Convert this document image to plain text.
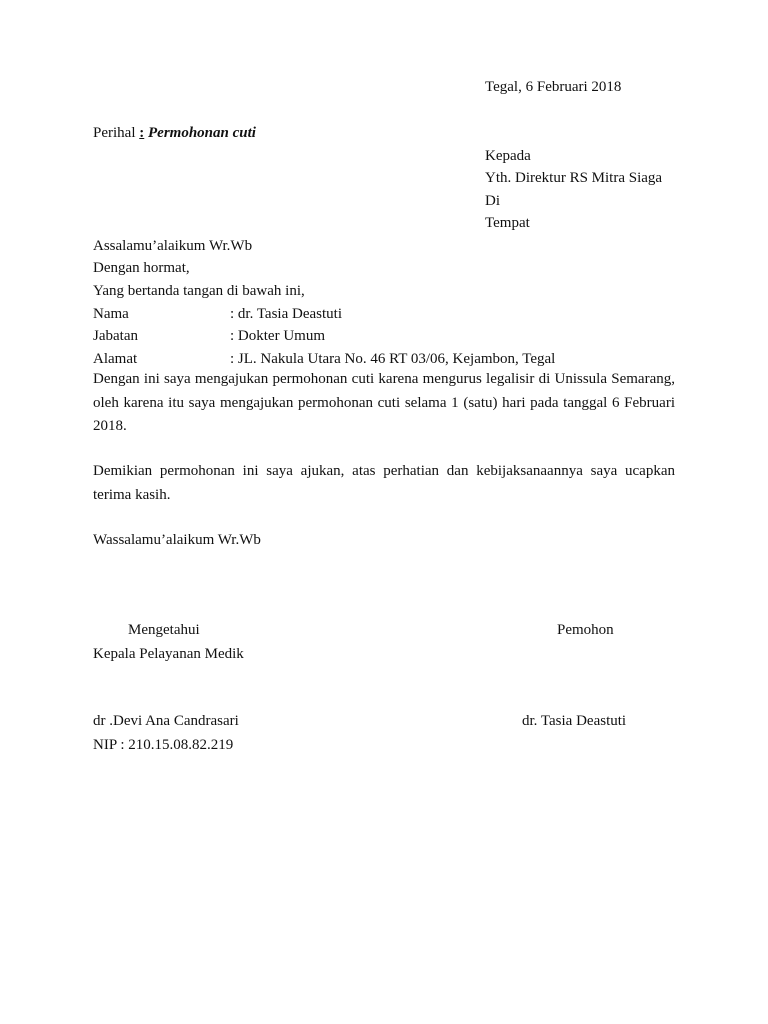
Tegal, 6 Februari 2018
Perihal : Permohonan cuti
Kepada
Yth. Direktur RS Mitra Siaga
Di
Tempat
Assalamu’alaikum Wr.Wb
Dengan hormat,
Yang bertanda tangan di bawah ini,
Nama	: dr. Tasia Deastuti
Jabatan	: Dokter Umum
Alamat	: JL. Nakula Utara No. 46 RT 03/06, Kejambon, Tegal
Dengan ini saya mengajukan permohonan cuti karena mengurus legalisir di Unissula Semarang, oleh karena itu saya mengajukan permohonan cuti selama 1 (satu) hari pada tanggal 6 Februari 2018.
Demikian permohonan ini saya ajukan, atas perhatian dan kebijaksanaannya saya ucapkan terima kasih.
Wassalamu’alaikum Wr.Wb
Mengetahui	Pemohon
Kepala Pelayanan Medik
dr .Devi Ana Candrasari	dr. Tasia Deastuti
NIP : 210.15.08.82.219
